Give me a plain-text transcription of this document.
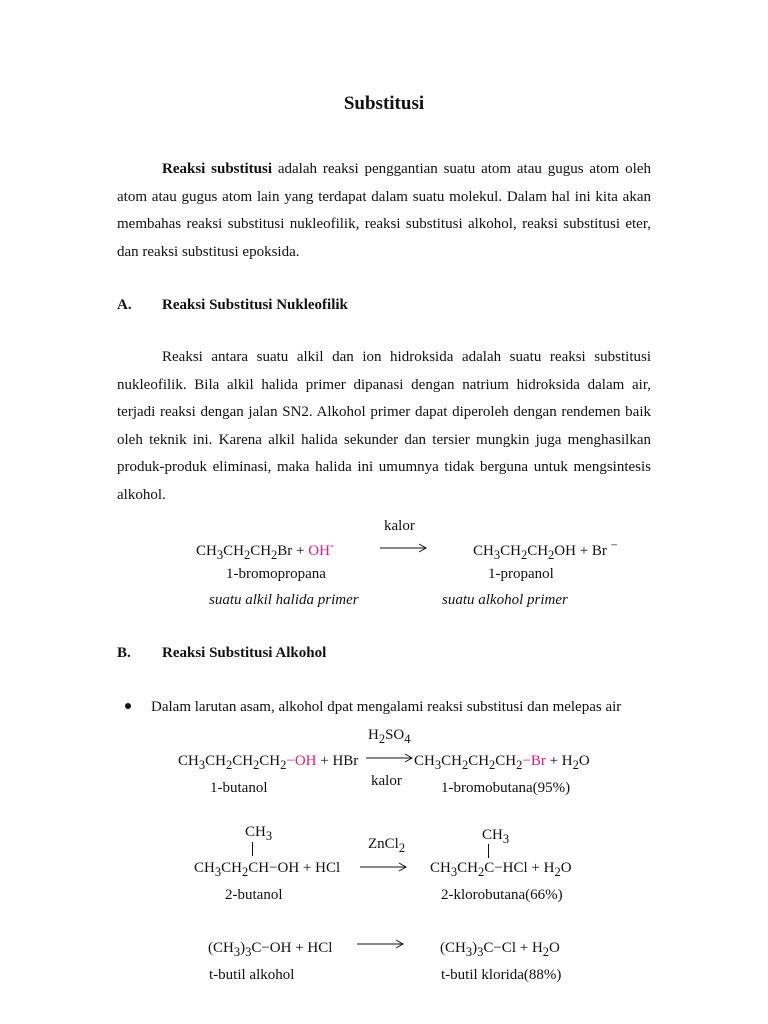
Substitusi
Reaksi substitusi adalah reaksi penggantian suatu atom atau gugus atom oleh atom atau gugus atom lain yang terdapat dalam suatu molekul. Dalam hal ini kita akan membahas reaksi substitusi nukleofilik, reaksi substitusi alkohol, reaksi substitusi eter, dan reaksi substitusi epoksida.
A. Reaksi Substitusi Nukleofilik
Reaksi antara suatu alkil dan ion hidroksida adalah suatu reaksi substitusi nukleofilik. Bila alkil halida primer dipanasi dengan natrium hidroksida dalam air, terjadi reaksi dengan jalan SN2. Alkohol primer dapat diperoleh dengan rendemen baik oleh teknik ini. Karena alkil halida sekunder dan tersier mungkin juga menghasilkan produk-produk eliminasi, maka halida ini umumnya tidak berguna untuk mengsintesis alkohol.
kalor
$CH_3CH_2CH_2Br + OH^-$	$CH_3CH_2CH_2OH + Br$ −
1-bromopropana	1-propanol
suatu alkil halida primer	suatu alkohol primer
B. Reaksi Substitusi Alkohol
Dalam larutan asam, alkohol dpat mengalami reaksi substitusi dan melepas air
$H_2SO_4$
$CH_3CH_2CH_2CH_2-OH$ + HBr	$CH_3CH_2CH_2CH_2-Br + H_2O$
kalor
1-butanol	1-bromobutana(95%)
$CH_3$	$CH_3$
ZnCl$_2$
$CH_3CH_2CH-OH$ + HCl	$CH_3CH_2C-HCl + H_2O$
2-butanol	2-klorobutana(66%)
$(CH_3)_3C-OH$ + HCl	$(CH_3)_3C-Cl + H_2O$
t-butil alkohol	t-butil klorida(88%)
